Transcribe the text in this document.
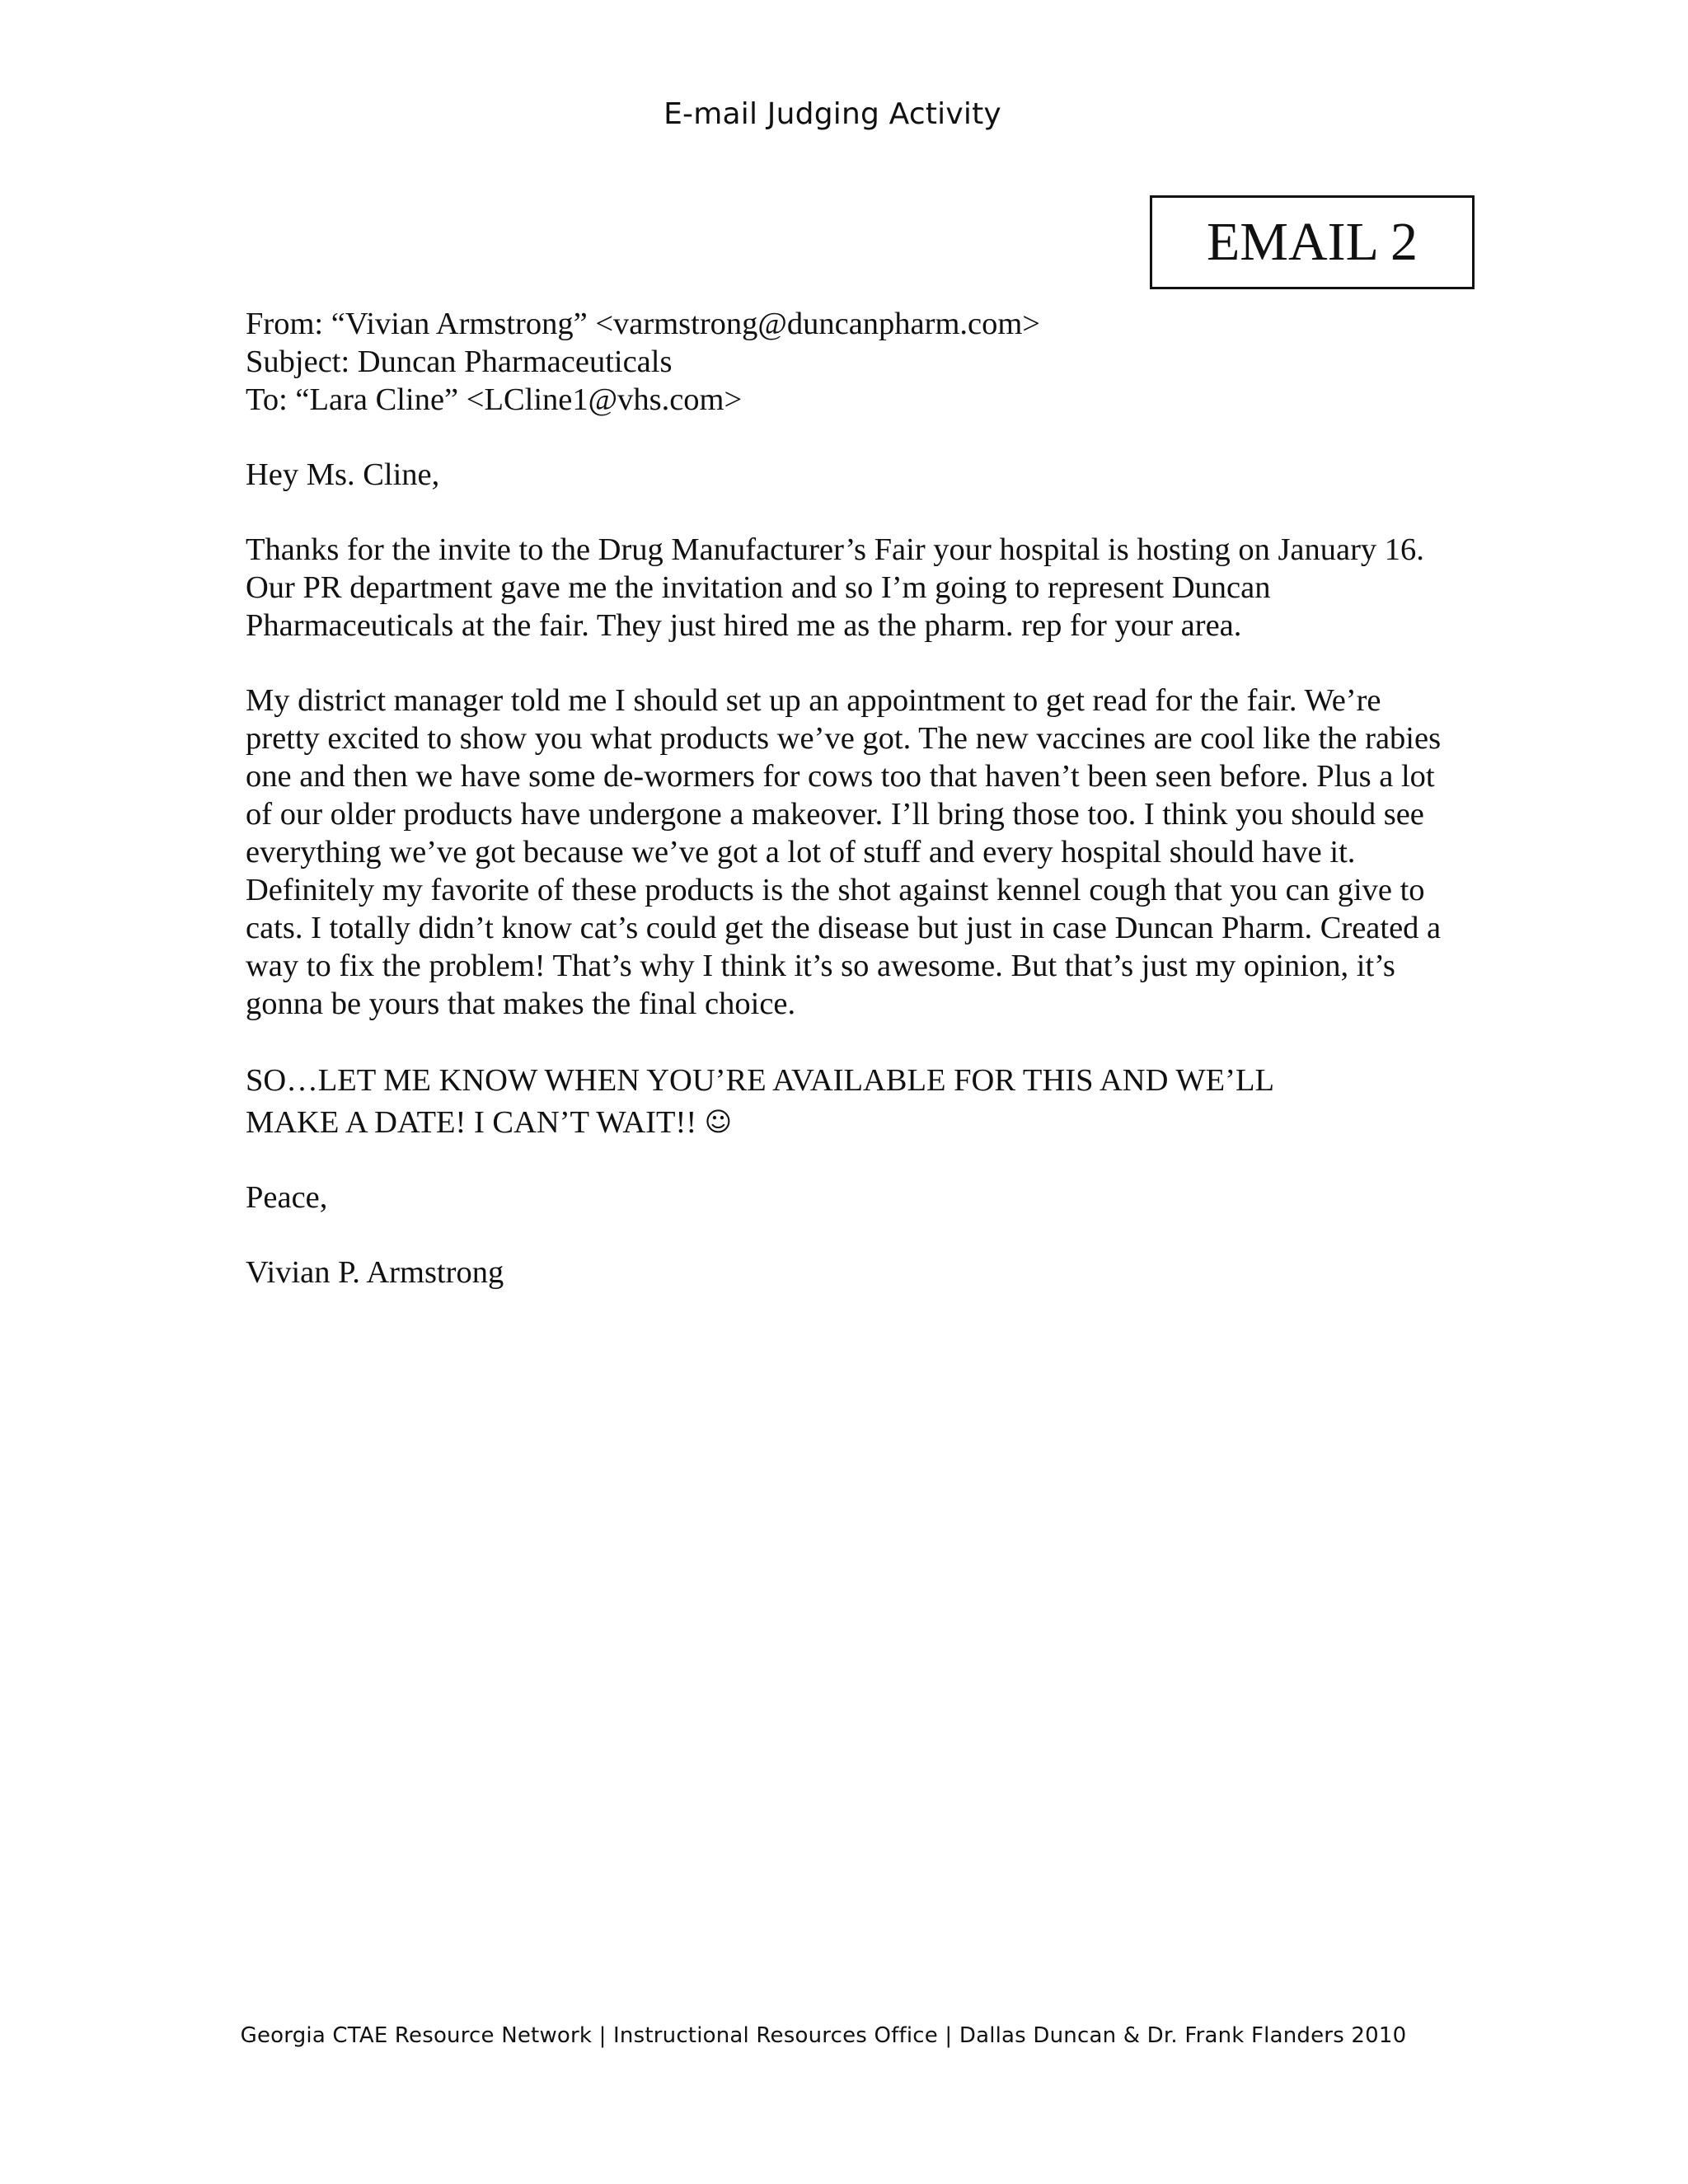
E-mail Judging Activity
EMAIL 2
From: “Vivian Armstrong” <varmstrong@duncanpharm.com>
Subject: Duncan Pharmaceuticals
To: “Lara Cline” <LCline1@vhs.com>

Hey Ms. Cline,

Thanks for the invite to the Drug Manufacturer’s Fair your hospital is hosting on January 16. Our PR department gave me the invitation and so I’m going to represent Duncan Pharmaceuticals at the fair. They just hired me as the pharm. rep for your area.

My district manager told me I should set up an appointment to get read for the fair. We’re pretty excited to show you what products we’ve got. The new vaccines are cool like the rabies one and then we have some de-wormers for cows too that haven’t been seen before. Plus a lot of our older products have undergone a makeover. I’ll bring those too. I think you should see everything we’ve got because we’ve got a lot of stuff and every hospital should have it. Definitely my favorite of these products is the shot against kennel cough that you can give to cats. I totally didn’t know cat’s could get the disease but just in case Duncan Pharm. Created a way to fix the problem! That’s why I think it’s so awesome. But that’s just my opinion, it’s gonna be yours that makes the final choice.

SO…LET ME KNOW WHEN YOU’RE AVAILABLE FOR THIS AND WE’LL
MAKE A DATE! I CAN’T WAIT!! ☺

Peace,

Vivian P. Armstrong

Georgia CTAE Resource Network | Instructional Resources Office | Dallas Duncan & Dr. Frank Flanders 2010
